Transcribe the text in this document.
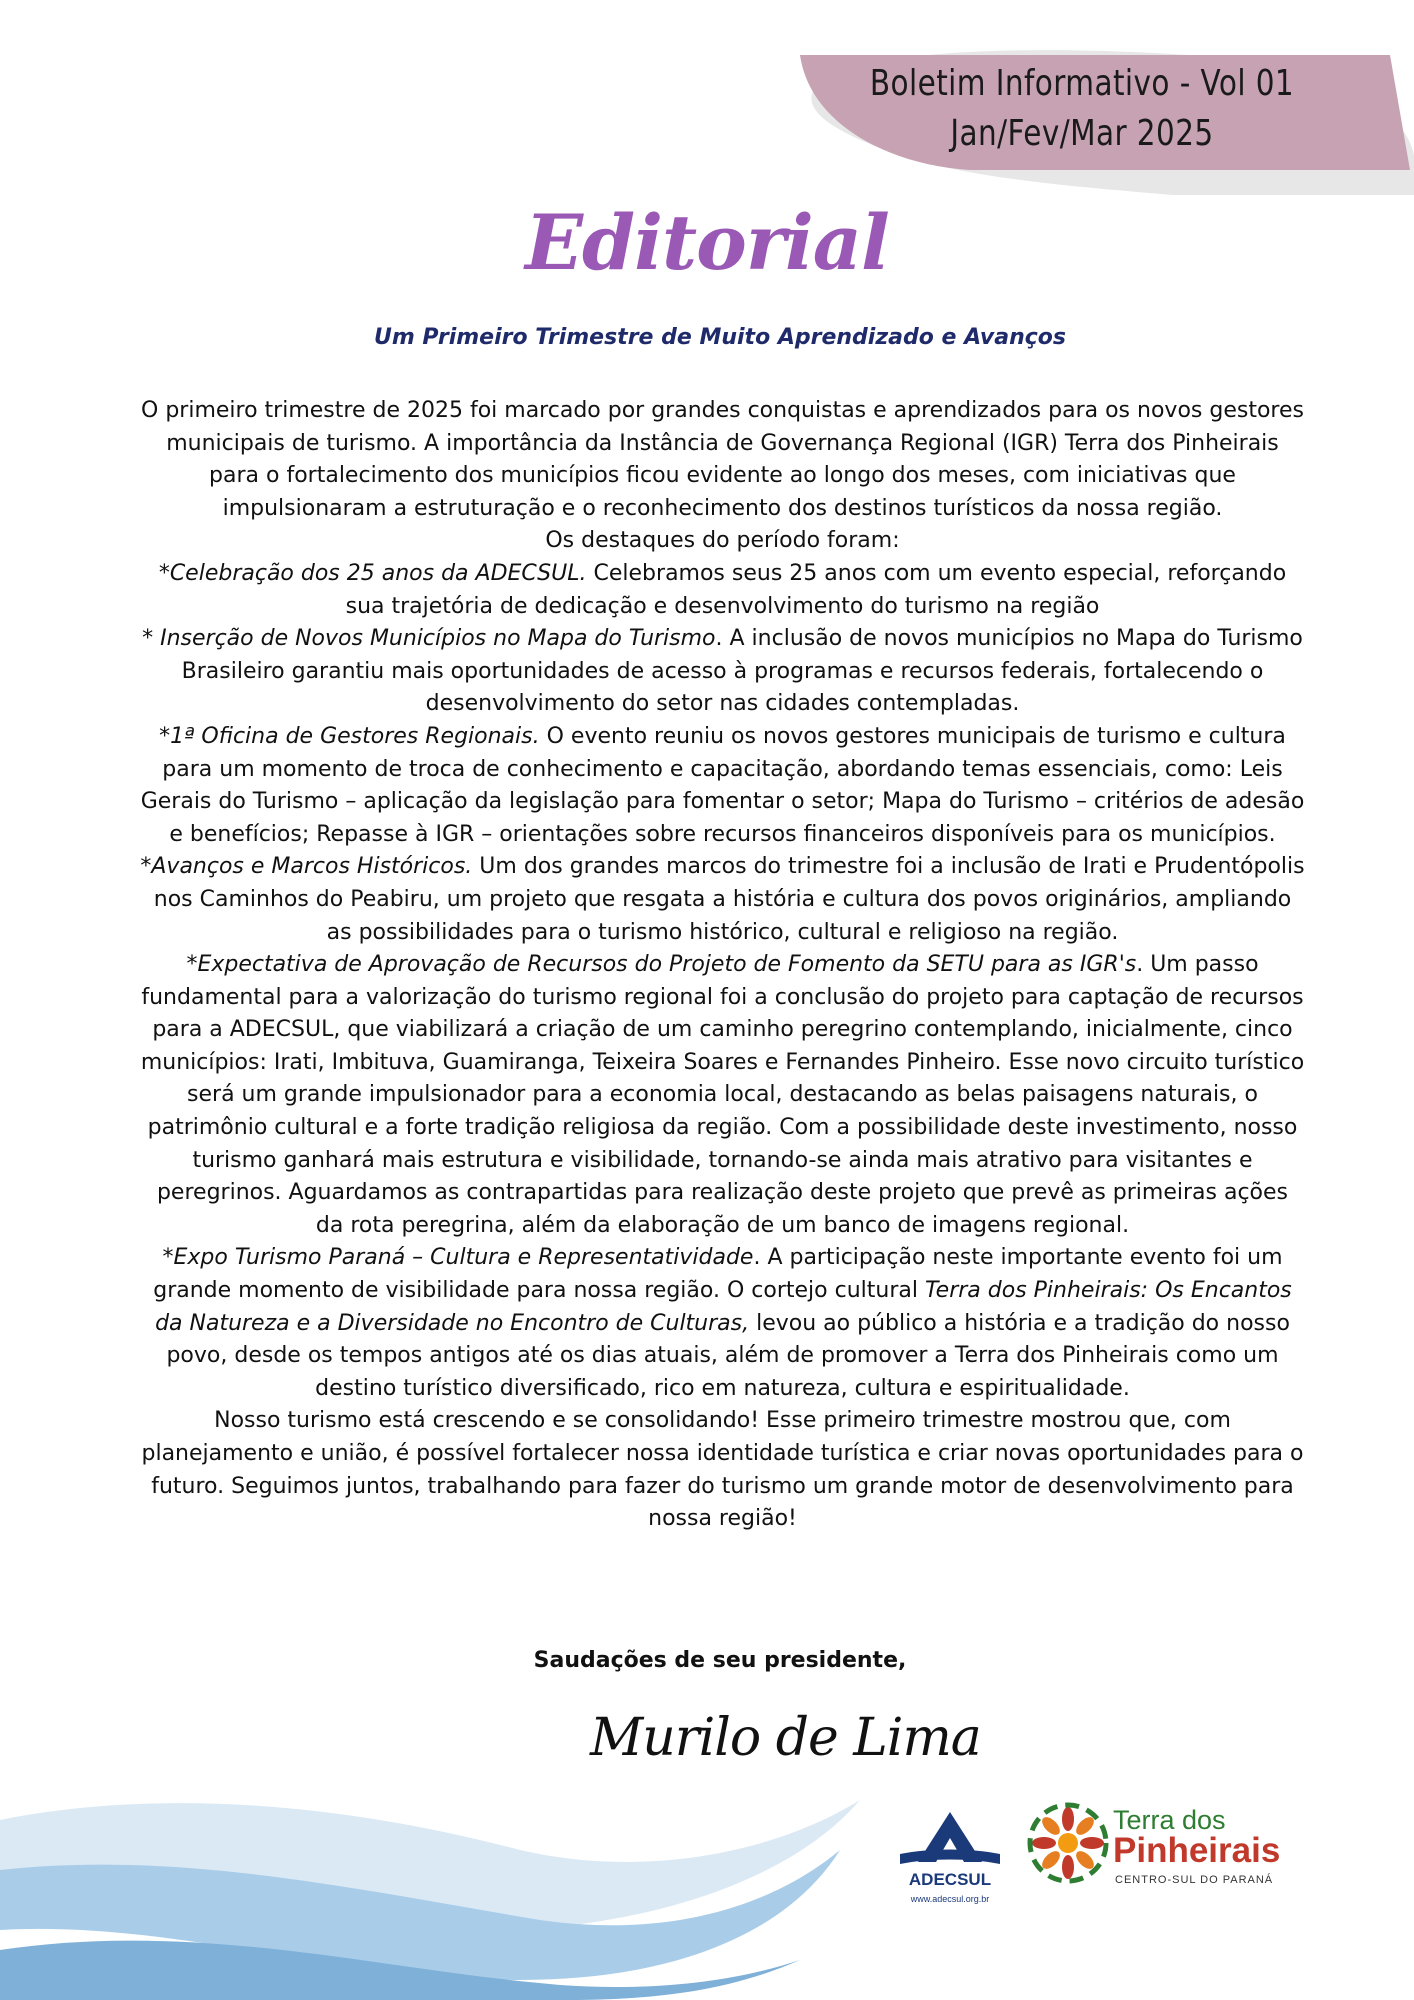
Boletim Informativo - Vol 01
Jan/Fev/Mar 2025
Editorial
Um Primeiro Trimestre de Muito Aprendizado e Avanços

O primeiro trimestre de 2025 foi marcado por grandes conquistas e aprendizados para os novos gestores municipais de turismo. A importância da Instância de Governança Regional (IGR) Terra dos Pinheirais para o fortalecimento dos municípios ficou evidente ao longo dos meses, com iniciativas que impulsionaram a estruturação e o reconhecimento dos destinos turísticos da nossa região.

Os destaques do período foram:

*Celebração dos 25 anos da ADECSUL. Celebramos seus 25 anos com um evento especial, reforçando sua trajetória de dedicação e desenvolvimento do turismo na região

* Inserção de Novos Municípios no Mapa do Turismo. A inclusão de novos municípios no Mapa do Turismo Brasileiro garantiu mais oportunidades de acesso à programas e recursos federais, fortalecendo o desenvolvimento do setor nas cidades contempladas.

*1ª Oficina de Gestores Regionais. O evento reuniu os novos gestores municipais de turismo e cultura para um momento de troca de conhecimento e capacitação, abordando temas essenciais, como: Leis Gerais do Turismo – aplicação da legislação para fomentar o setor; Mapa do Turismo – critérios de adesão e benefícios; Repasse à IGR – orientações sobre recursos financeiros disponíveis para os municípios.

*Avanços e Marcos Históricos. Um dos grandes marcos do trimestre foi a inclusão de Irati e Prudentópolis nos Caminhos do Peabiru, um projeto que resgata a história e cultura dos povos originários, ampliando as possibilidades para o turismo histórico, cultural e religioso na região.

*Expectativa de Aprovação de Recursos do Projeto de Fomento da SETU para as IGR's. Um passo fundamental para a valorização do turismo regional foi a conclusão do projeto para captação de recursos para a ADECSUL, que viabilizará a criação de um caminho peregrino contemplando, inicialmente, cinco municípios: Irati, Imbituva, Guamiranga, Teixeira Soares e Fernandes Pinheiro. Esse novo circuito turístico será um grande impulsionador para a economia local, destacando as belas paisagens naturais, o patrimônio cultural e a forte tradição religiosa da região. Com a possibilidade deste investimento, nosso turismo ganhará mais estrutura e visibilidade, tornando-se ainda mais atrativo para visitantes e peregrinos. Aguardamos as contrapartidas para realização deste projeto que prevê as primeiras ações da rota peregrina, além da elaboração de um banco de imagens regional.

*Expo Turismo Paraná – Cultura e Representatividade. A participação neste importante evento foi um grande momento de visibilidade para nossa região. O cortejo cultural Terra dos Pinheirais: Os Encantos da Natureza e a Diversidade no Encontro de Culturas, levou ao público a história e a tradição do nosso povo, desde os tempos antigos até os dias atuais, além de promover a Terra dos Pinheirais como um destino turístico diversificado, rico em natureza, cultura e espiritualidade.

Nosso turismo está crescendo e se consolidando! Esse primeiro trimestre mostrou que, com planejamento e união, é possível fortalecer nossa identidade turística e criar novas oportunidades para o futuro. Seguimos juntos, trabalhando para fazer do turismo um grande motor de desenvolvimento para nossa região!

Saudações de seu presidente,
Murilo de Lima
ADECSUL
www.adecsul.org.br
Terra dos
Pinheirais
CENTRO-SUL DO PARANÁ
